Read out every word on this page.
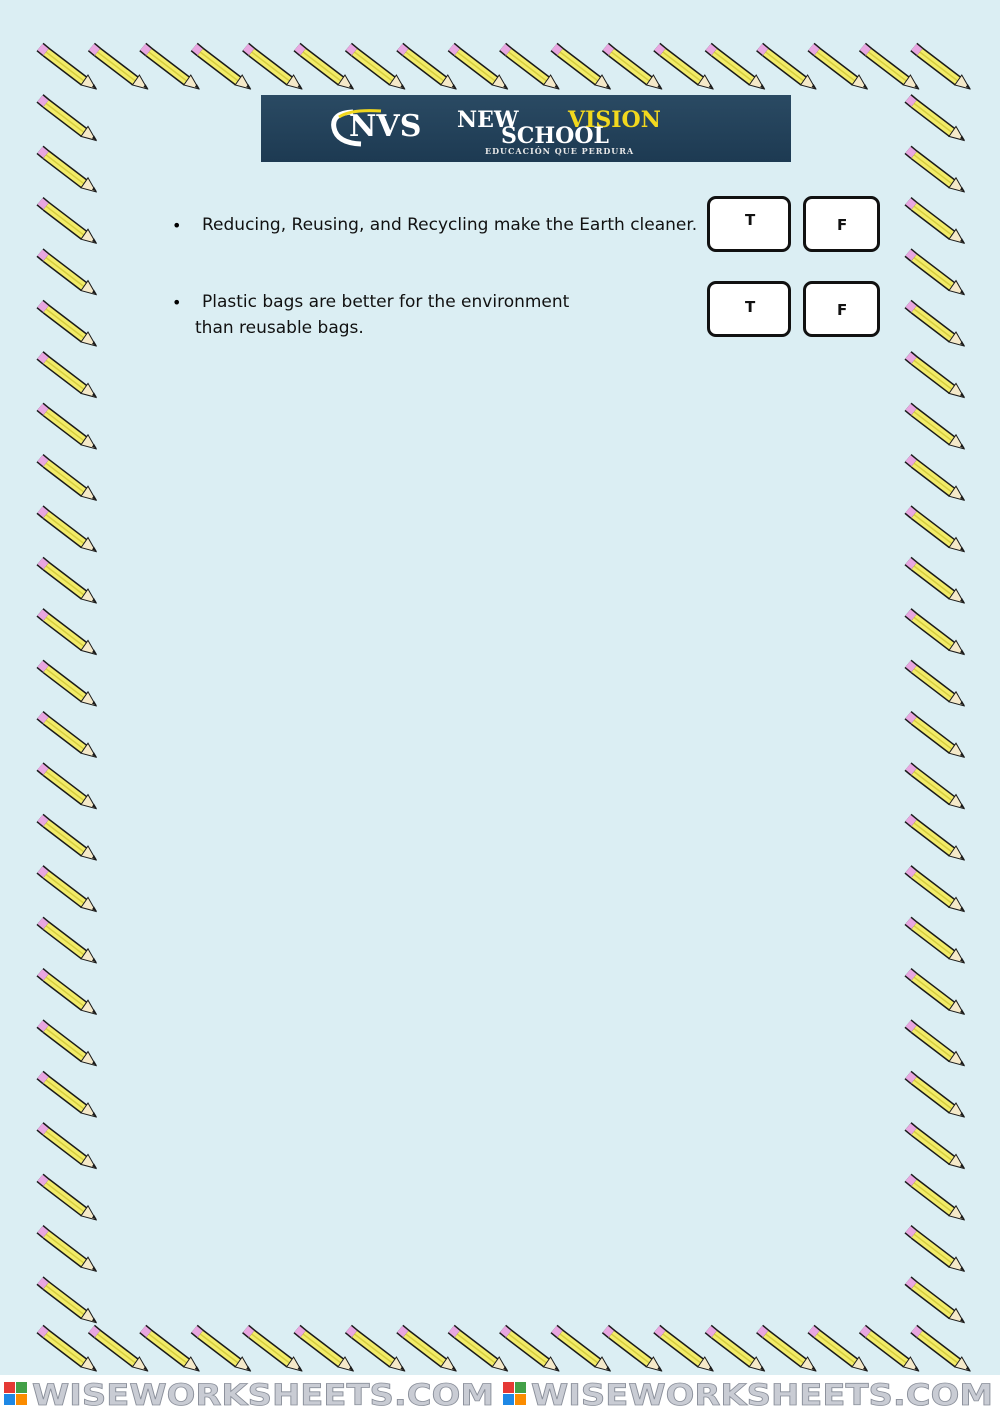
NVS NEW VISION
SCHOOL
EDUCACIÓN QUE PERDURA
• Reducing, Reusing, and Recycling make the Earth cleaner.	T	F
• Plastic bags are better for the environment
than reusable bags.
T	F
WISEWORKSHEETS.COM WISEWORKSHEETS.COM
